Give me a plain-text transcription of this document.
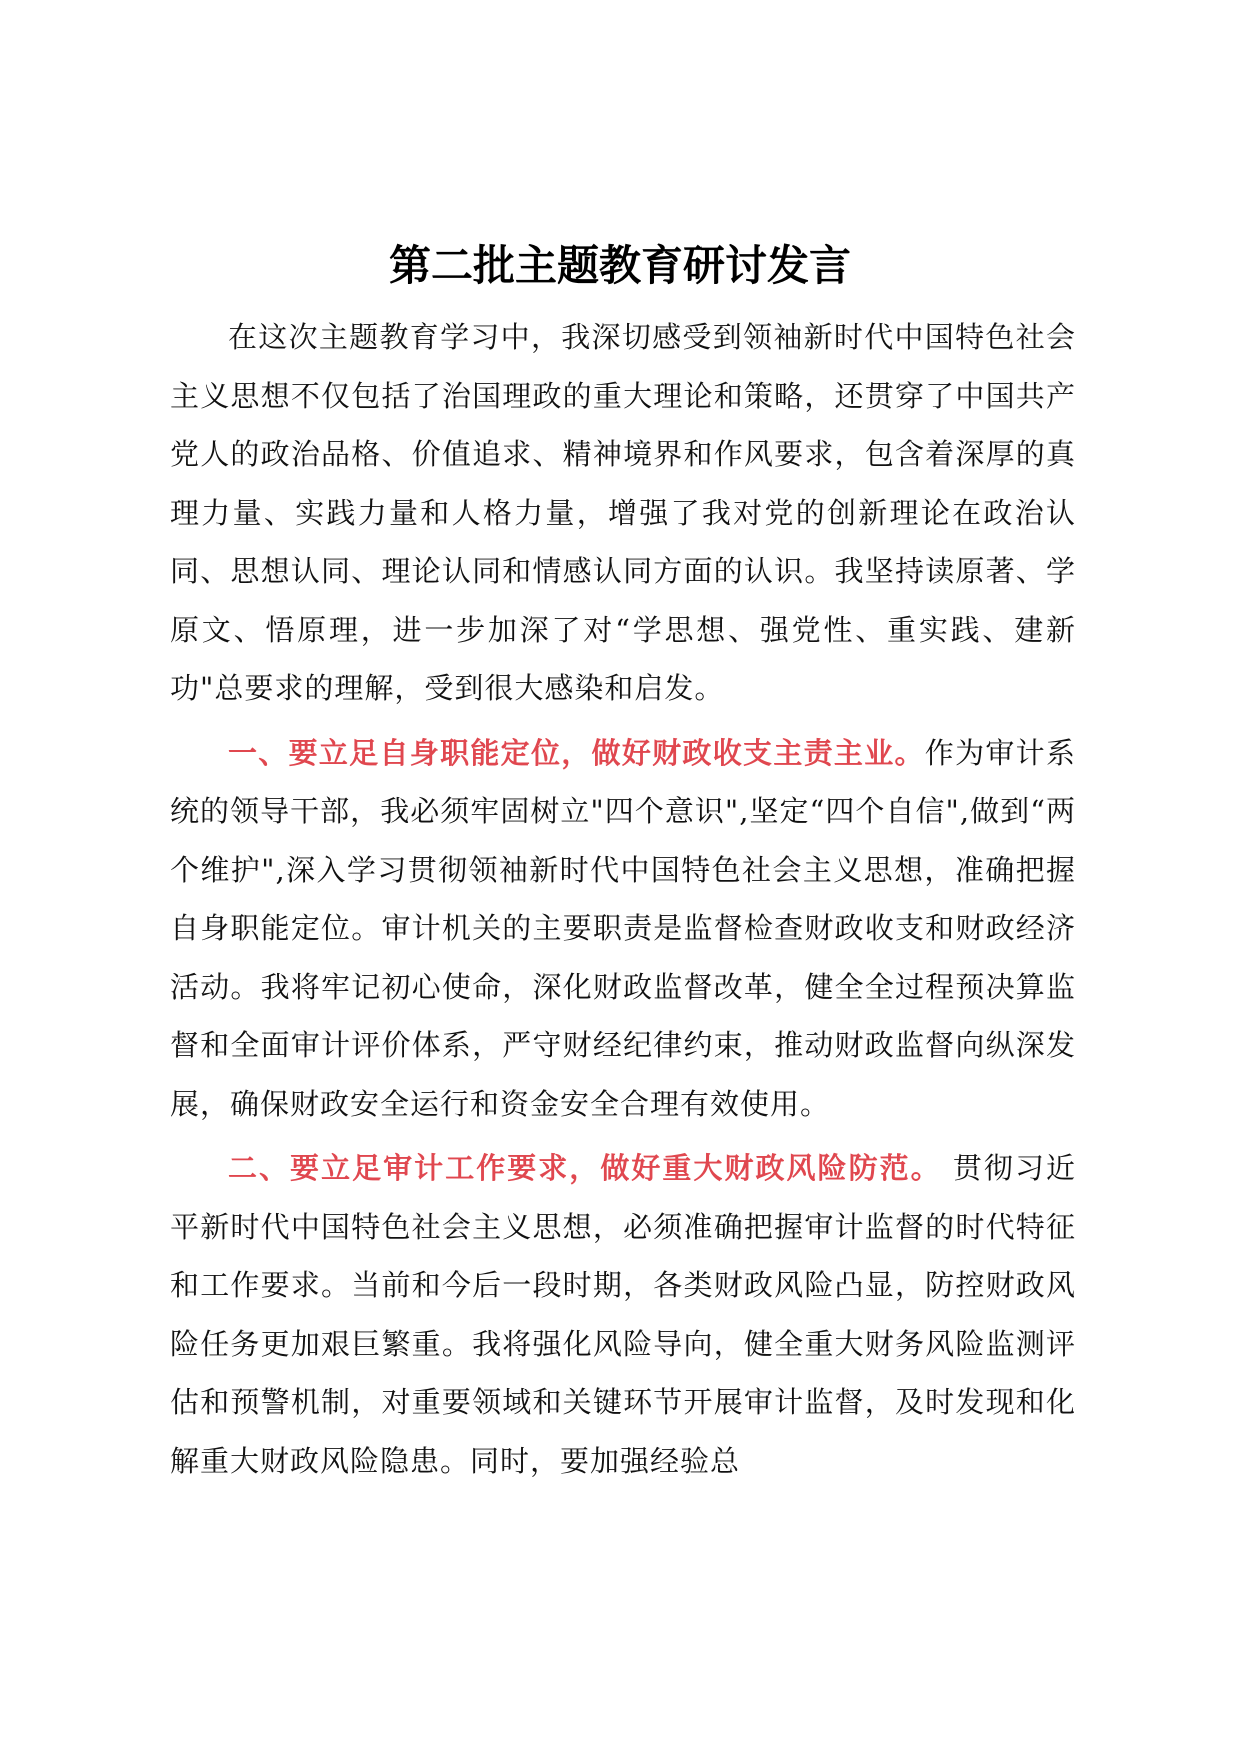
第二批主题教育研讨发言

在这次主题教育学习中，我深切感受到领袖新时代中国特色社会主义思想不仅包括了治国理政的重大理论和策略，还贯穿了中国共产党人的政治品格、价值追求、精神境界和作风要求，包含着深厚的真理力量、实践力量和人格力量，增强了我对党的创新理论在政治认同、思想认同、理论认同和情感认同方面的认识。我坚持读原著、学原文、悟原理，进一步加深了对“学思想、强党性、重实践、建新功"总要求的理解，受到很大感染和启发。

一、要立足自身职能定位，做好财政收支主责主业。作为审计系统的领导干部，我必须牢固树立"四个意识",坚定“四个自信",做到“两个维护",深入学习贯彻领袖新时代中国特色社会主义思想，准确把握自身职能定位。审计机关的主要职责是监督检查财政收支和财政经济活动。我将牢记初心使命，深化财政监督改革，健全全过程预决算监督和全面审计评价体系，严守财经纪律约束，推动财政监督向纵深发展，确保财政安全运行和资金安全合理有效使用。

二、要立足审计工作要求，做好重大财政风险防范。 贯彻习近平新时代中国特色社会主义思想，必须准确把握审计监督的时代特征和工作要求。当前和今后一段时期，各类财政风险凸显，防控财政风险任务更加艰巨繁重。我将强化风险导向，健全重大财务风险监测评估和预警机制，对重要领域和关键环节开展审计监督，及时发现和化解重大财政风险隐患。同时，要加强经验总
